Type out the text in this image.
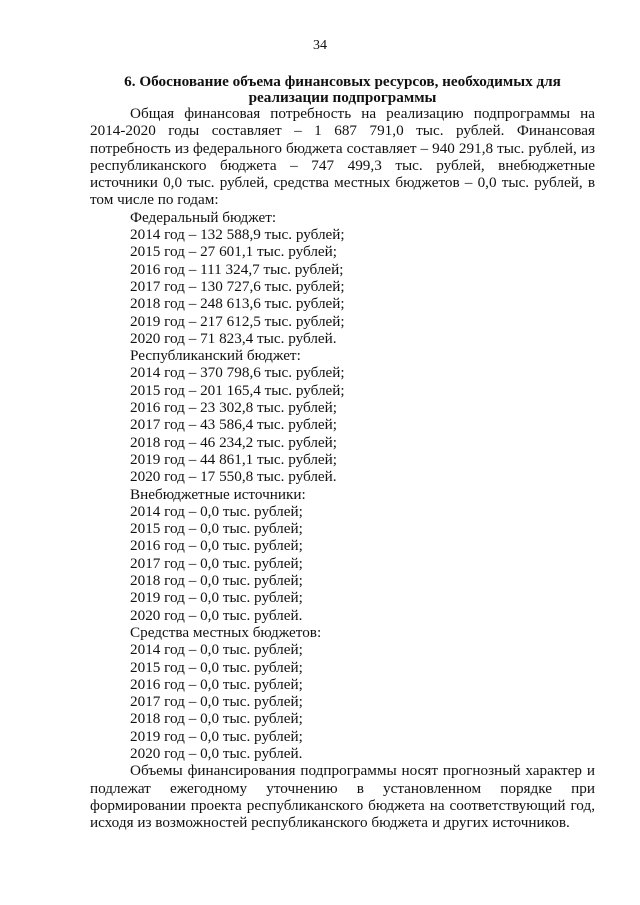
34
6. Обоснование объема финансовых ресурсов, необходимых для
реализации подпрограммы

Общая финансовая потребность на реализацию подпрограммы на 2014-2020 годы составляет – 1 687 791,0 тыс. рублей. Финансовая потребность из федерального бюджета составляет – 940 291,8 тыс. рублей, из республиканского бюджета – 747 499,3 тыс. рублей, внебюджетные источники 0,0 тыс. рублей, средства местных бюджетов – 0,0 тыс. рублей, в том числе по годам:

Федеральный бюджет:
2014 год – 132 588,9 тыс. рублей;
2015 год – 27 601,1 тыс. рублей;
2016 год – 111 324,7 тыс. рублей;
2017 год – 130 727,6 тыс. рублей;
2018 год – 248 613,6 тыс. рублей;
2019 год – 217 612,5 тыс. рублей;
2020 год – 71 823,4 тыс. рублей.
Республиканский бюджет:
2014 год – 370 798,6 тыс. рублей;
2015 год – 201 165,4 тыс. рублей;
2016 год – 23 302,8 тыс. рублей;
2017 год – 43 586,4 тыс. рублей;
2018 год – 46 234,2 тыс. рублей;
2019 год – 44 861,1 тыс. рублей;
2020 год – 17 550,8 тыс. рублей.
Внебюджетные источники:
2014 год – 0,0 тыс. рублей;
2015 год – 0,0 тыс. рублей;
2016 год – 0,0 тыс. рублей;
2017 год – 0,0 тыс. рублей;
2018 год – 0,0 тыс. рублей;
2019 год – 0,0 тыс. рублей;
2020 год – 0,0 тыс. рублей.
Средства местных бюджетов:
2014 год – 0,0 тыс. рублей;
2015 год – 0,0 тыс. рублей;
2016 год – 0,0 тыс. рублей;
2017 год – 0,0 тыс. рублей;
2018 год – 0,0 тыс. рублей;
2019 год – 0,0 тыс. рублей;
2020 год – 0,0 тыс. рублей.

Объемы финансирования подпрограммы носят прогнозный характер и подлежат ежегодному уточнению в установленном порядке при формировании проекта республиканского бюджета на соответствующий год, исходя из возможностей республиканского бюджета и других источников.
